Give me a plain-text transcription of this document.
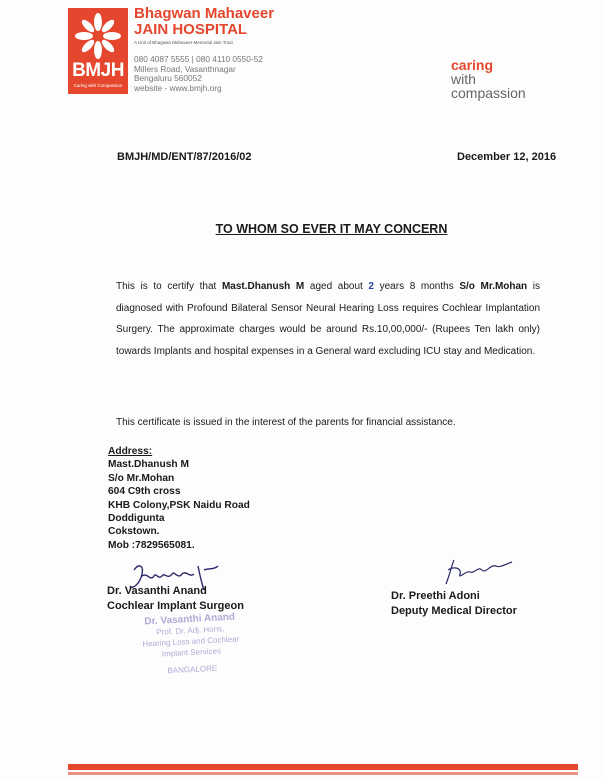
BMJH
Caring with Compassion
Bhagwan Mahaveer
JAIN HOSPITAL
A Unit of Bhagwan Mahaveer Memorial Jain Trust
080 4087 5555 | 080 4110 0550-52
Millers Road, Vasanthnagar
Bengaluru 560052
website - www.bmjh.org
caring
with
compassion
BMJH/MD/ENT/87/2016/02	December 12, 2016
TO WHOM SO EVER IT MAY CONCERN
This is to certify that Mast.Dhanush M aged about 2 years 8 months S/o Mr.Mohan is diagnosed with Profound Bilateral Sensor Neural Hearing Loss requires Cochlear Implantation Surgery. The approximate charges would be around Rs.10,00,000/- (Rupees Ten lakh only) towards Implants and hospital expenses in a General ward excluding ICU stay and Medication.
This certificate is issued in the interest of the parents for financial assistance.
Address:
Mast.Dhanush M
S/o Mr.Mohan
604 C9th cross
KHB Colony,PSK Naidu Road
Doddigunta
Cokstown.
Mob :7829565081.
Dr. Vasanthi Anand
Cochlear Implant Surgeon
Dr. Vasanthi Anand
Prof. Dr. Adj. Hons,
Hearing Loss and Cochlear
Implant Services
BANGALORE
Dr. Preethi Adoni
Deputy Medical Director
